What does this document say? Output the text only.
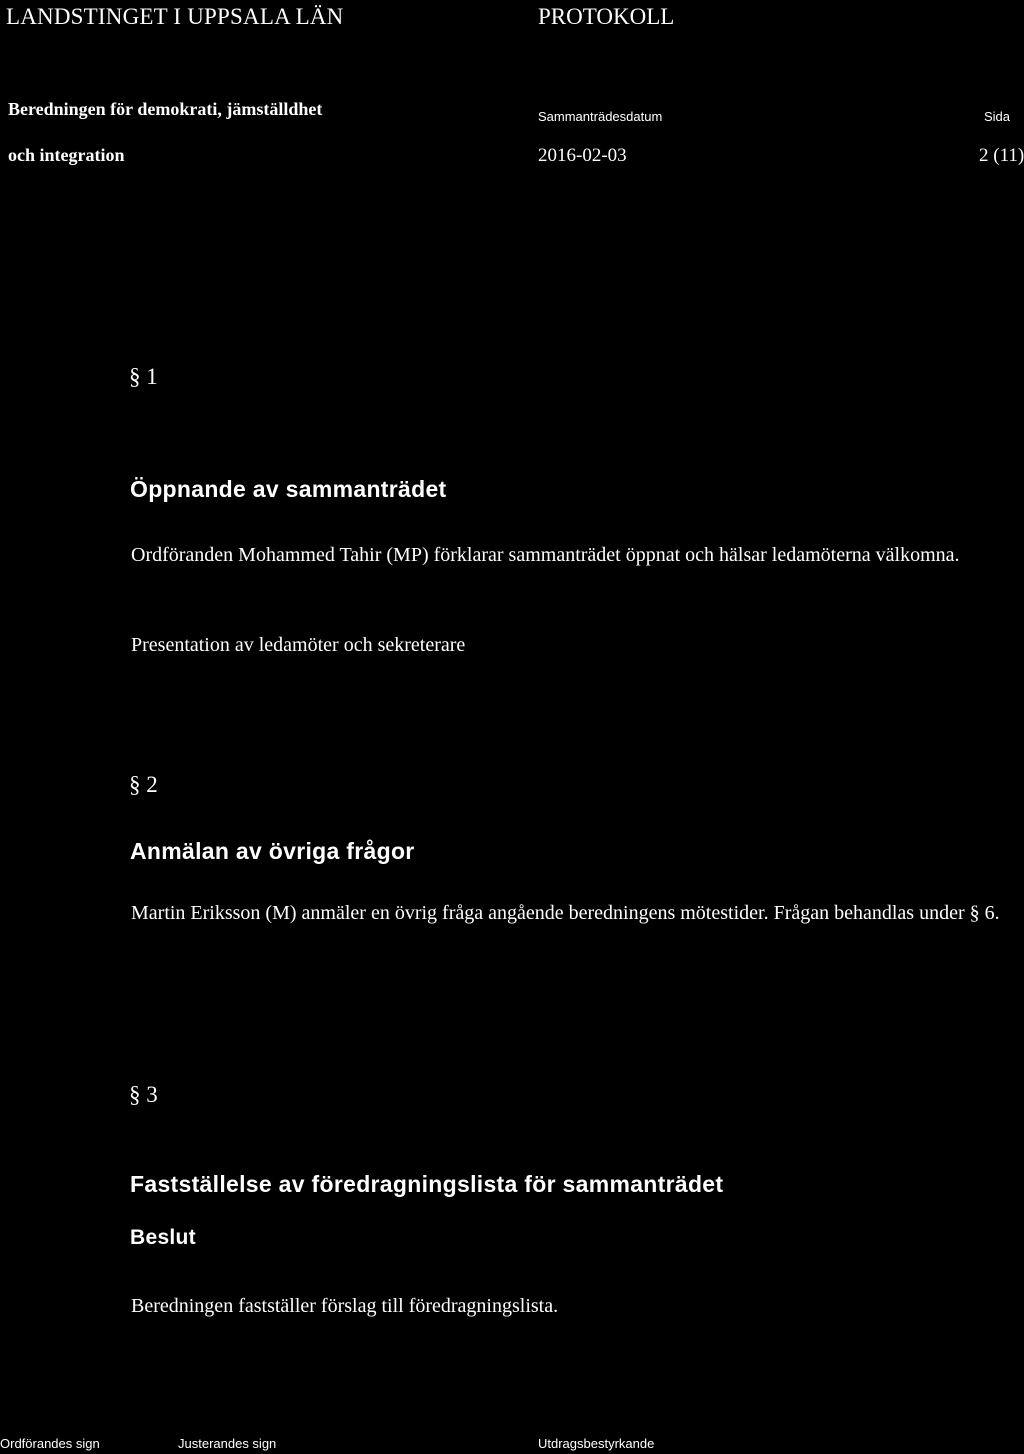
LANDSTINGET I UPPSALA LÄN	PROTOKOLL
Beredningen för demokrati, jämställdhet
och integration
Sammanträdesdatum	Sida
2016-02-03	2 (11)
§ 1
Öppnande av sammanträdet
Ordföranden Mohammed Tahir (MP) förklarar sammanträdet öppnat och hälsar ledamöterna välkomna.
Presentation av ledamöter och sekreterare
§ 2
Anmälan av övriga frågor
Martin Eriksson (M) anmäler en övrig fråga angående beredningens mötestider. Frågan behandlas under § 6.
§ 3
Fastställelse av föredragningslista för sammanträdet
Beslut
Beredningen fastställer förslag till föredragningslista.
Ordförandes sign	Justerandes sign	Utdragsbestyrkande
